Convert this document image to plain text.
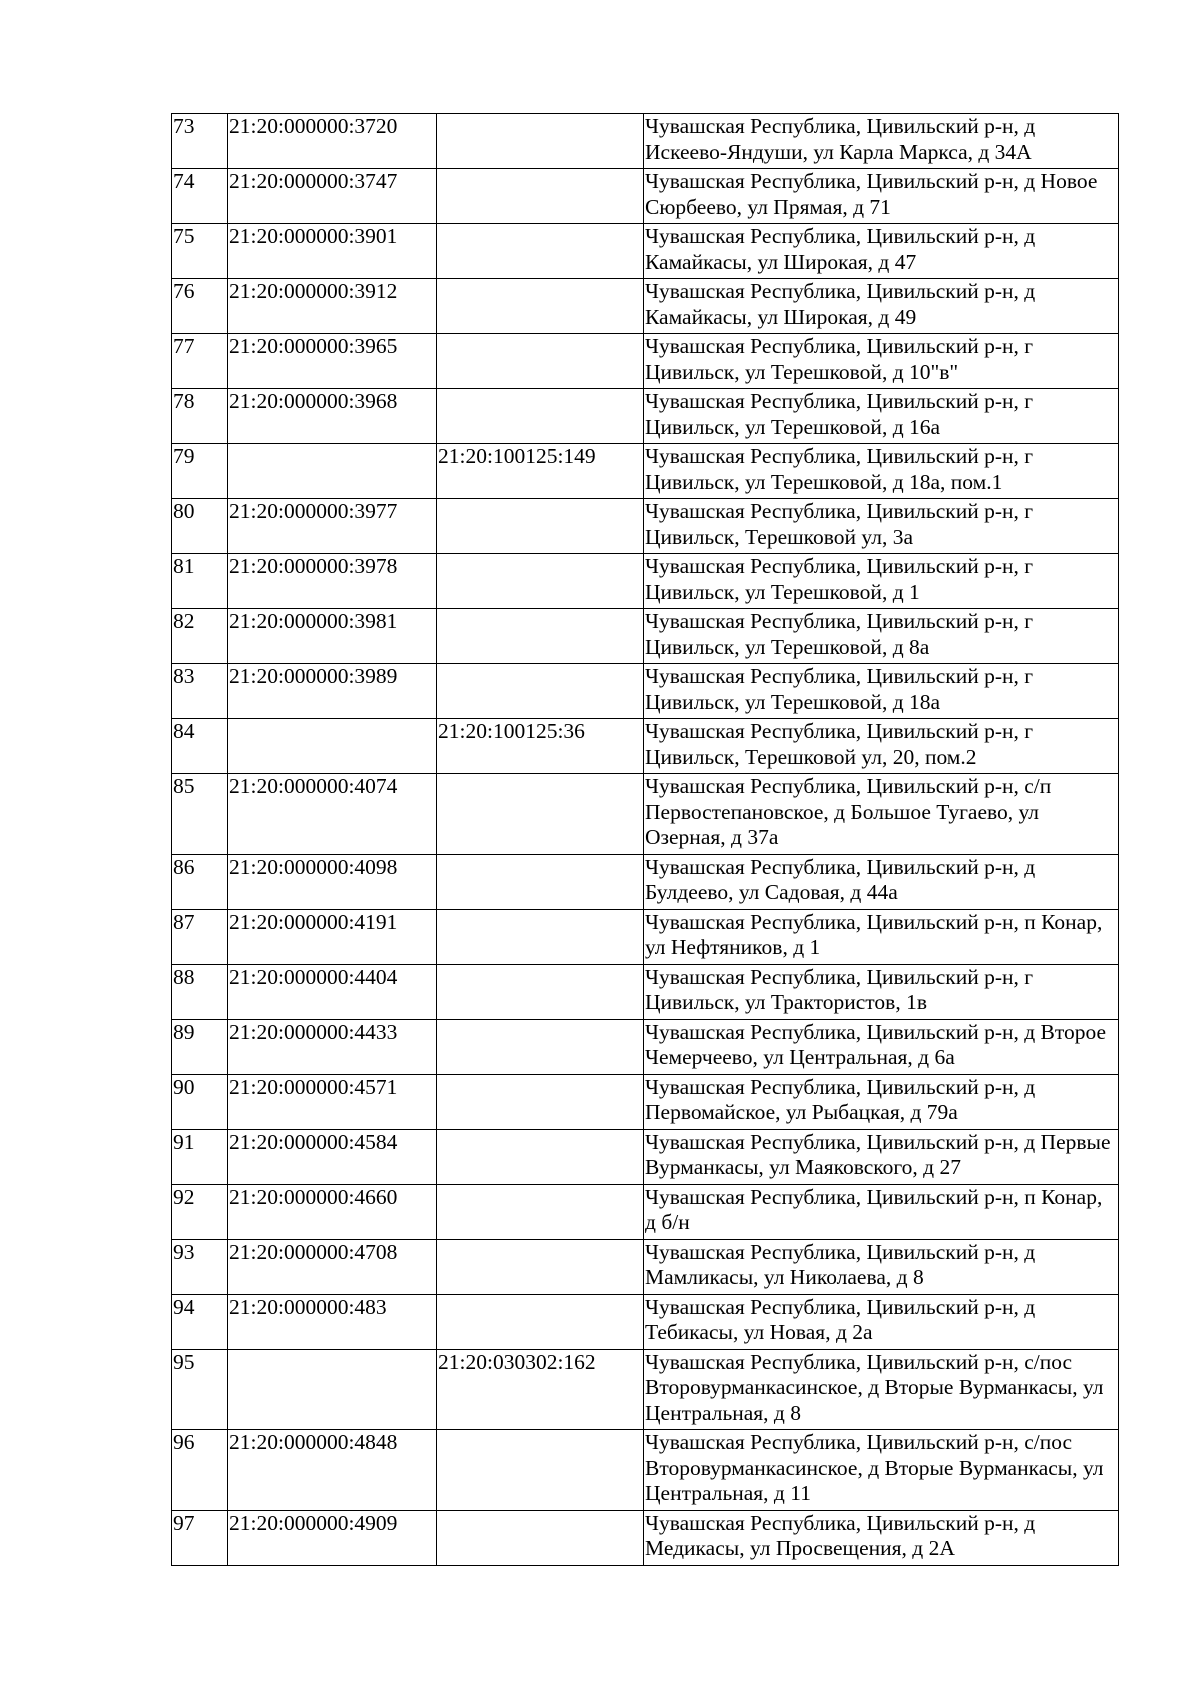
73	21:20:000000:3720		Чувашская Республика, Цивильский р-н, д Искеево-Яндуши, ул Карла Маркса, д 34А
74	21:20:000000:3747		Чувашская Республика, Цивильский р-н, д Новое Сюрбеево, ул Прямая, д 71
75	21:20:000000:3901		Чувашская Республика, Цивильский р-н, д Камайкасы, ул Широкая, д 47
76	21:20:000000:3912		Чувашская Республика, Цивильский р-н, д Камайкасы, ул Широкая, д 49
77	21:20:000000:3965		Чувашская Республика, Цивильский р-н, г Цивильск, ул Терешковой, д 10"в"
78	21:20:000000:3968		Чувашская Республика, Цивильский р-н, г Цивильск, ул Терешковой, д 16а
79		21:20:100125:149	Чувашская Республика, Цивильский р-н, г Цивильск, ул Терешковой, д 18а, пом.1
80	21:20:000000:3977		Чувашская Республика, Цивильский р-н, г Цивильск, Терешковой ул, 3а
81	21:20:000000:3978		Чувашская Республика, Цивильский р-н, г Цивильск, ул Терешковой, д 1
82	21:20:000000:3981		Чувашская Республика, Цивильский р-н, г Цивильск, ул Терешковой, д 8а
83	21:20:000000:3989		Чувашская Республика, Цивильский р-н, г Цивильск, ул Терешковой, д 18а
84		21:20:100125:36	Чувашская Республика, Цивильский р-н, г Цивильск, Терешковой ул, 20, пом.2
85	21:20:000000:4074		Чувашская Республика, Цивильский р-н, с/п Первостепановское, д Большое Тугаево, ул Озерная, д 37а
86	21:20:000000:4098		Чувашская Республика, Цивильский р-н, д Булдеево, ул Садовая, д 44а
87	21:20:000000:4191		Чувашская Республика, Цивильский р-н, п Конар, ул Нефтяников, д 1
88	21:20:000000:4404		Чувашская Республика, Цивильский р-н, г Цивильск, ул Трактористов, 1в
89	21:20:000000:4433		Чувашская Республика, Цивильский р-н, д Второе Чемерчеево, ул Центральная, д 6а
90	21:20:000000:4571		Чувашская Республика, Цивильский р-н, д Первомайское, ул Рыбацкая, д 79а
91	21:20:000000:4584		Чувашская Республика, Цивильский р-н, д Первые Вурманкасы, ул Маяковского, д 27
92	21:20:000000:4660		Чувашская Республика, Цивильский р-н, п Конар, д б/н
93	21:20:000000:4708		Чувашская Республика, Цивильский р-н, д Мамликасы, ул Николаева, д 8
94	21:20:000000:483		Чувашская Республика, Цивильский р-н, д Тебикасы, ул Новая, д 2а
95		21:20:030302:162	Чувашская Республика, Цивильский р-н, с/пос Второвурманкасинское, д Вторые Вурманкасы, ул Центральная, д 8
96	21:20:000000:4848		Чувашская Республика, Цивильский р-н, с/пос Второвурманкасинское, д Вторые Вурманкасы, ул Центральная, д 11
97	21:20:000000:4909		Чувашская Республика, Цивильский р-н, д Медикасы, ул Просвещения, д 2А
